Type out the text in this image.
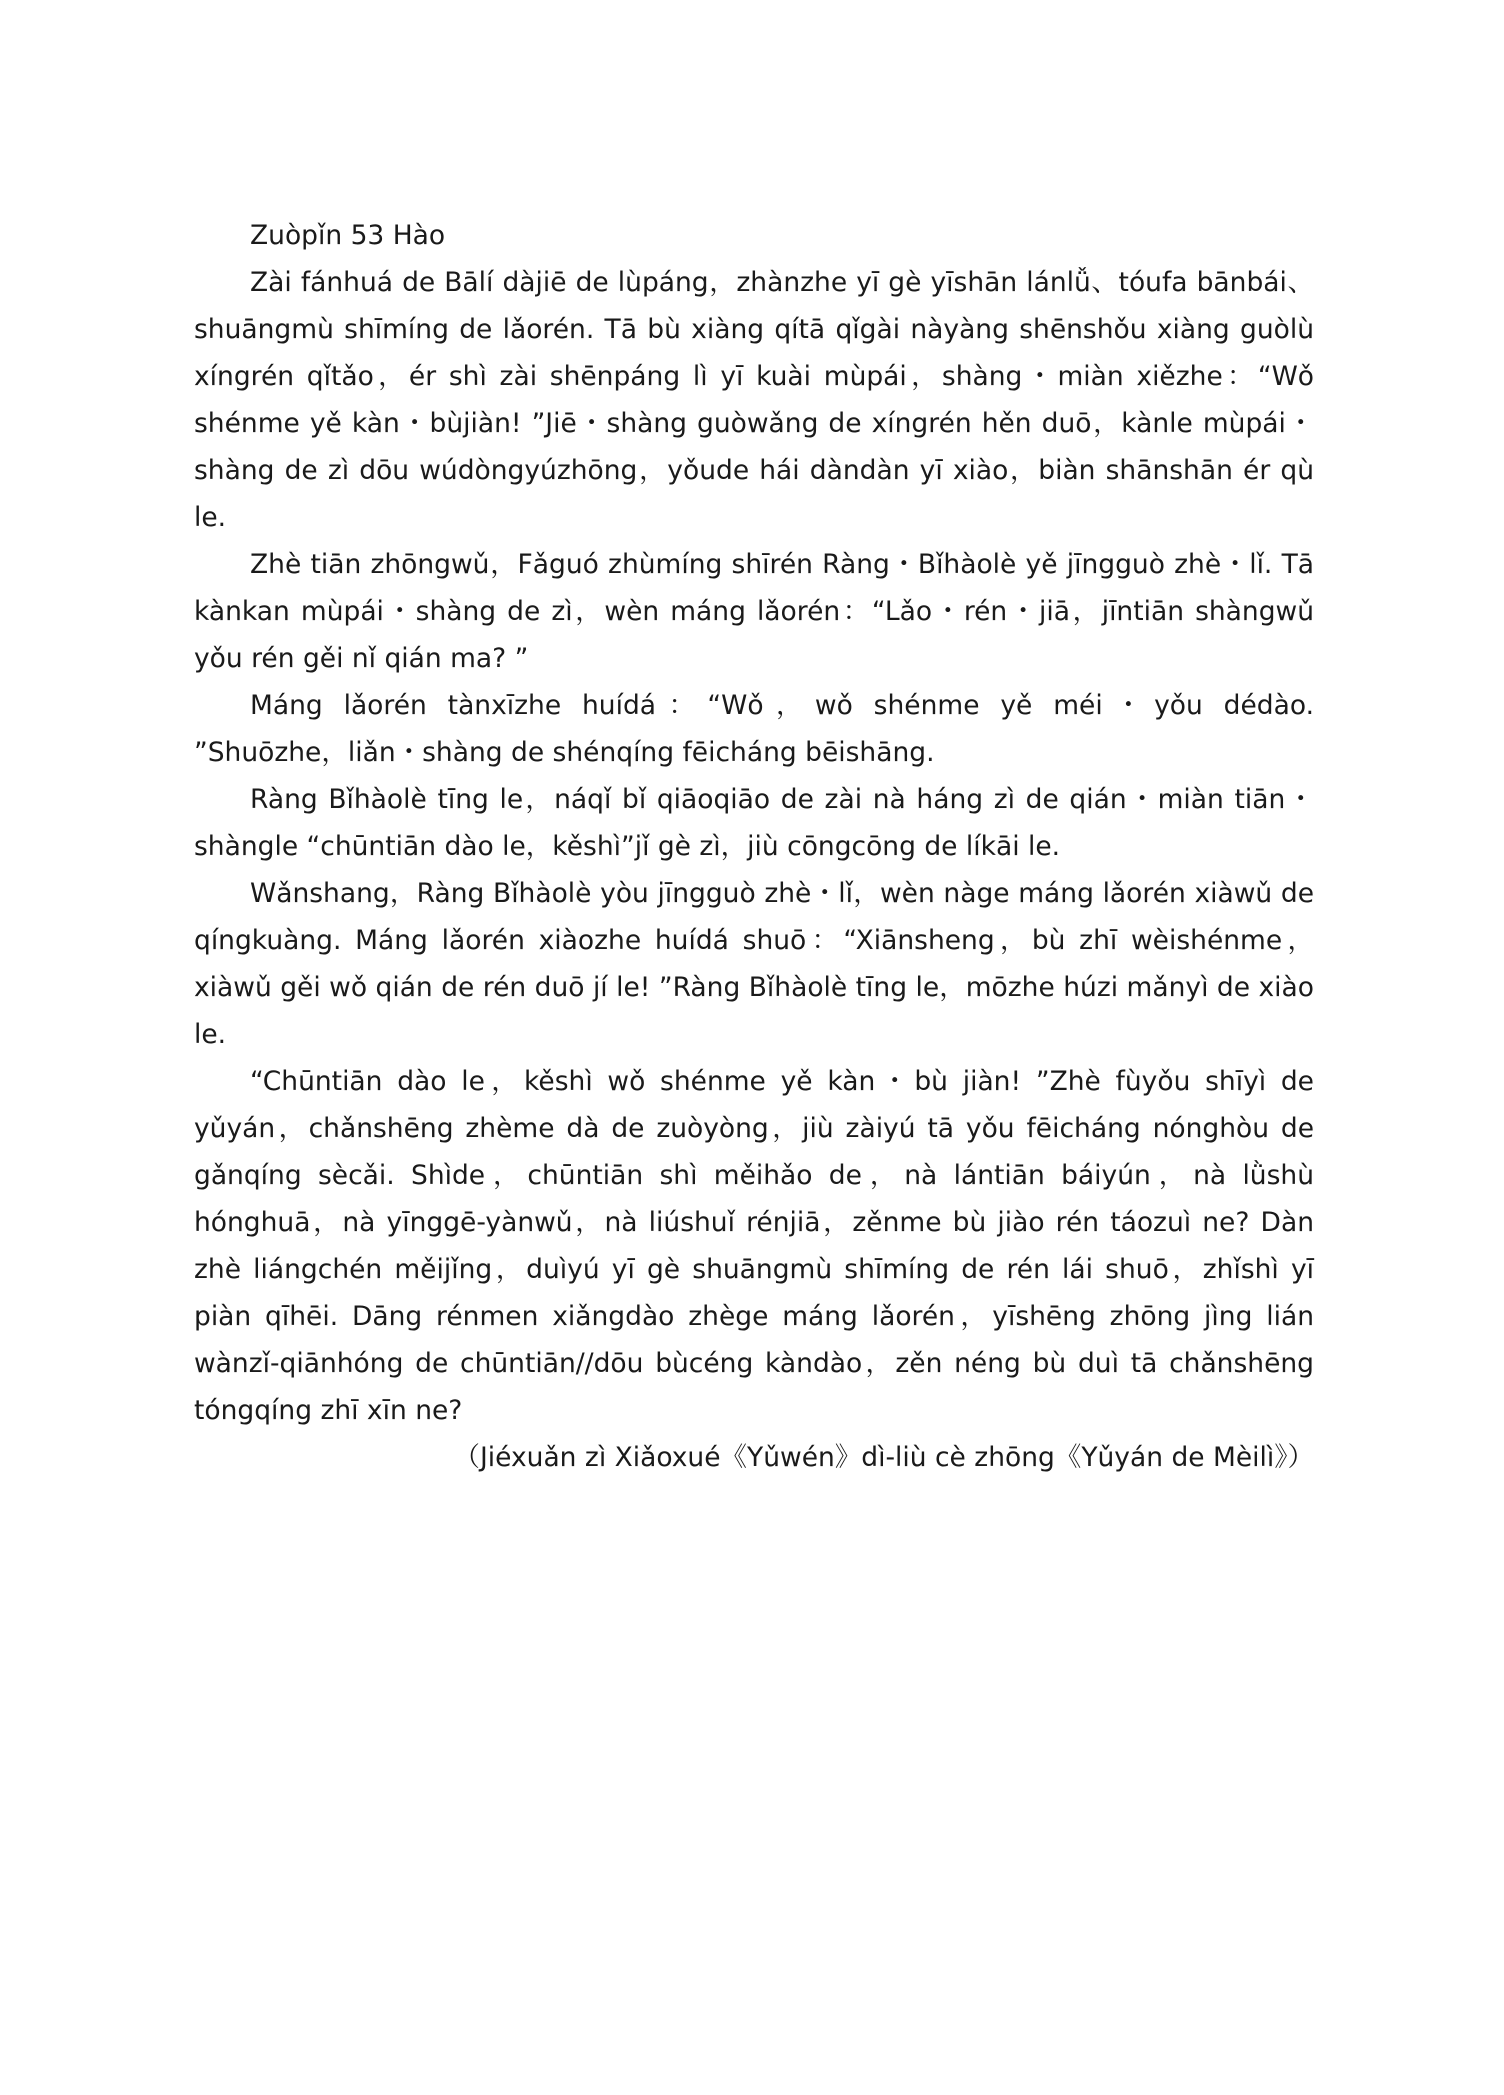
Zuòpǐn 53 Hào

Zài fánhuá de Bālí dàjiē de lùpáng，zhànzhe yī gè yīshān lánlǚ、tóufa bānbái、shuāngmù shīmíng de lǎorén. Tā bù xiàng qítā qǐgài nàyàng shēnshǒu xiàng guòlù xíngrén qǐtǎo，ér shì zài shēnpáng lì yī kuài mùpái，shàng・miàn xiězhe：“Wǒ shénme yě kàn・bùjiàn! ”Jiē・shàng guòwǎng de xíngrén hěn duō，kànle mùpái・shàng de zì dōu wúdòngyúzhōng，yǒude hái dàndàn yī xiào，biàn shānshān ér qù le.

Zhè tiān zhōngwǔ，Fǎguó zhùmíng shīrén Ràng・Bǐhàolè yě jīngguò zhè・lǐ. Tā kànkan mùpái・shàng de zì，wèn máng lǎorén：“Lǎo・rén・jiā，jīntiān shàngwǔ yǒu rén gěi nǐ qián ma? ”

Máng lǎorén tànxīzhe huídá：“Wǒ，wǒ shénme yě méi・yǒu dédào. ”Shuōzhe，liǎn・shàng de shénqíng fēicháng bēishāng.

Ràng Bǐhàolè tīng le，náqǐ bǐ qiāoqiāo de zài nà háng zì de qián・miàn tiān・shàngle “chūntiān dào le，kěshì”jǐ gè zì，jiù cōngcōng de líkāi le.

Wǎnshang，Ràng Bǐhàolè yòu jīngguò zhè・lǐ，wèn nàge máng lǎorén xiàwǔ de qíngkuàng. Máng lǎorén xiàozhe huídá shuō：“Xiānsheng，bù zhī wèishénme，xiàwǔ gěi wǒ qián de rén duō jí le! ”Ràng Bǐhàolè tīng le，mōzhe húzi mǎnyì de xiào le.

“Chūntiān dào le，kěshì wǒ shénme yě kàn・bù jiàn! ”Zhè fùyǒu shīyì de yǔyán，chǎnshēng zhème dà de zuòyòng，jiù zàiyú tā yǒu fēicháng nónghòu de gǎnqíng sècǎi. Shìde，chūntiān shì měihǎo de，nà lántiān báiyún，nà lǜshù hónghuā，nà yīnggē-yànwǔ，nà liúshuǐ rénjiā，zěnme bù jiào rén táozuì ne? Dàn zhè liángchén měijǐng，duìyú yī gè shuāngmù shīmíng de rén lái shuō，zhǐshì yī piàn qīhēi. Dāng rénmen xiǎngdào zhège máng lǎorén，yīshēng zhōng jìng lián wànzǐ-qiānhóng de chūntiān//dōu bùcéng kàndào，zěn néng bù duì tā chǎnshēng tóngqíng zhī xīn ne?

（Jiéxuǎn zì Xiǎoxué《Yǔwén》dì-liù cè zhōng《Yǔyán de Mèilì》）
